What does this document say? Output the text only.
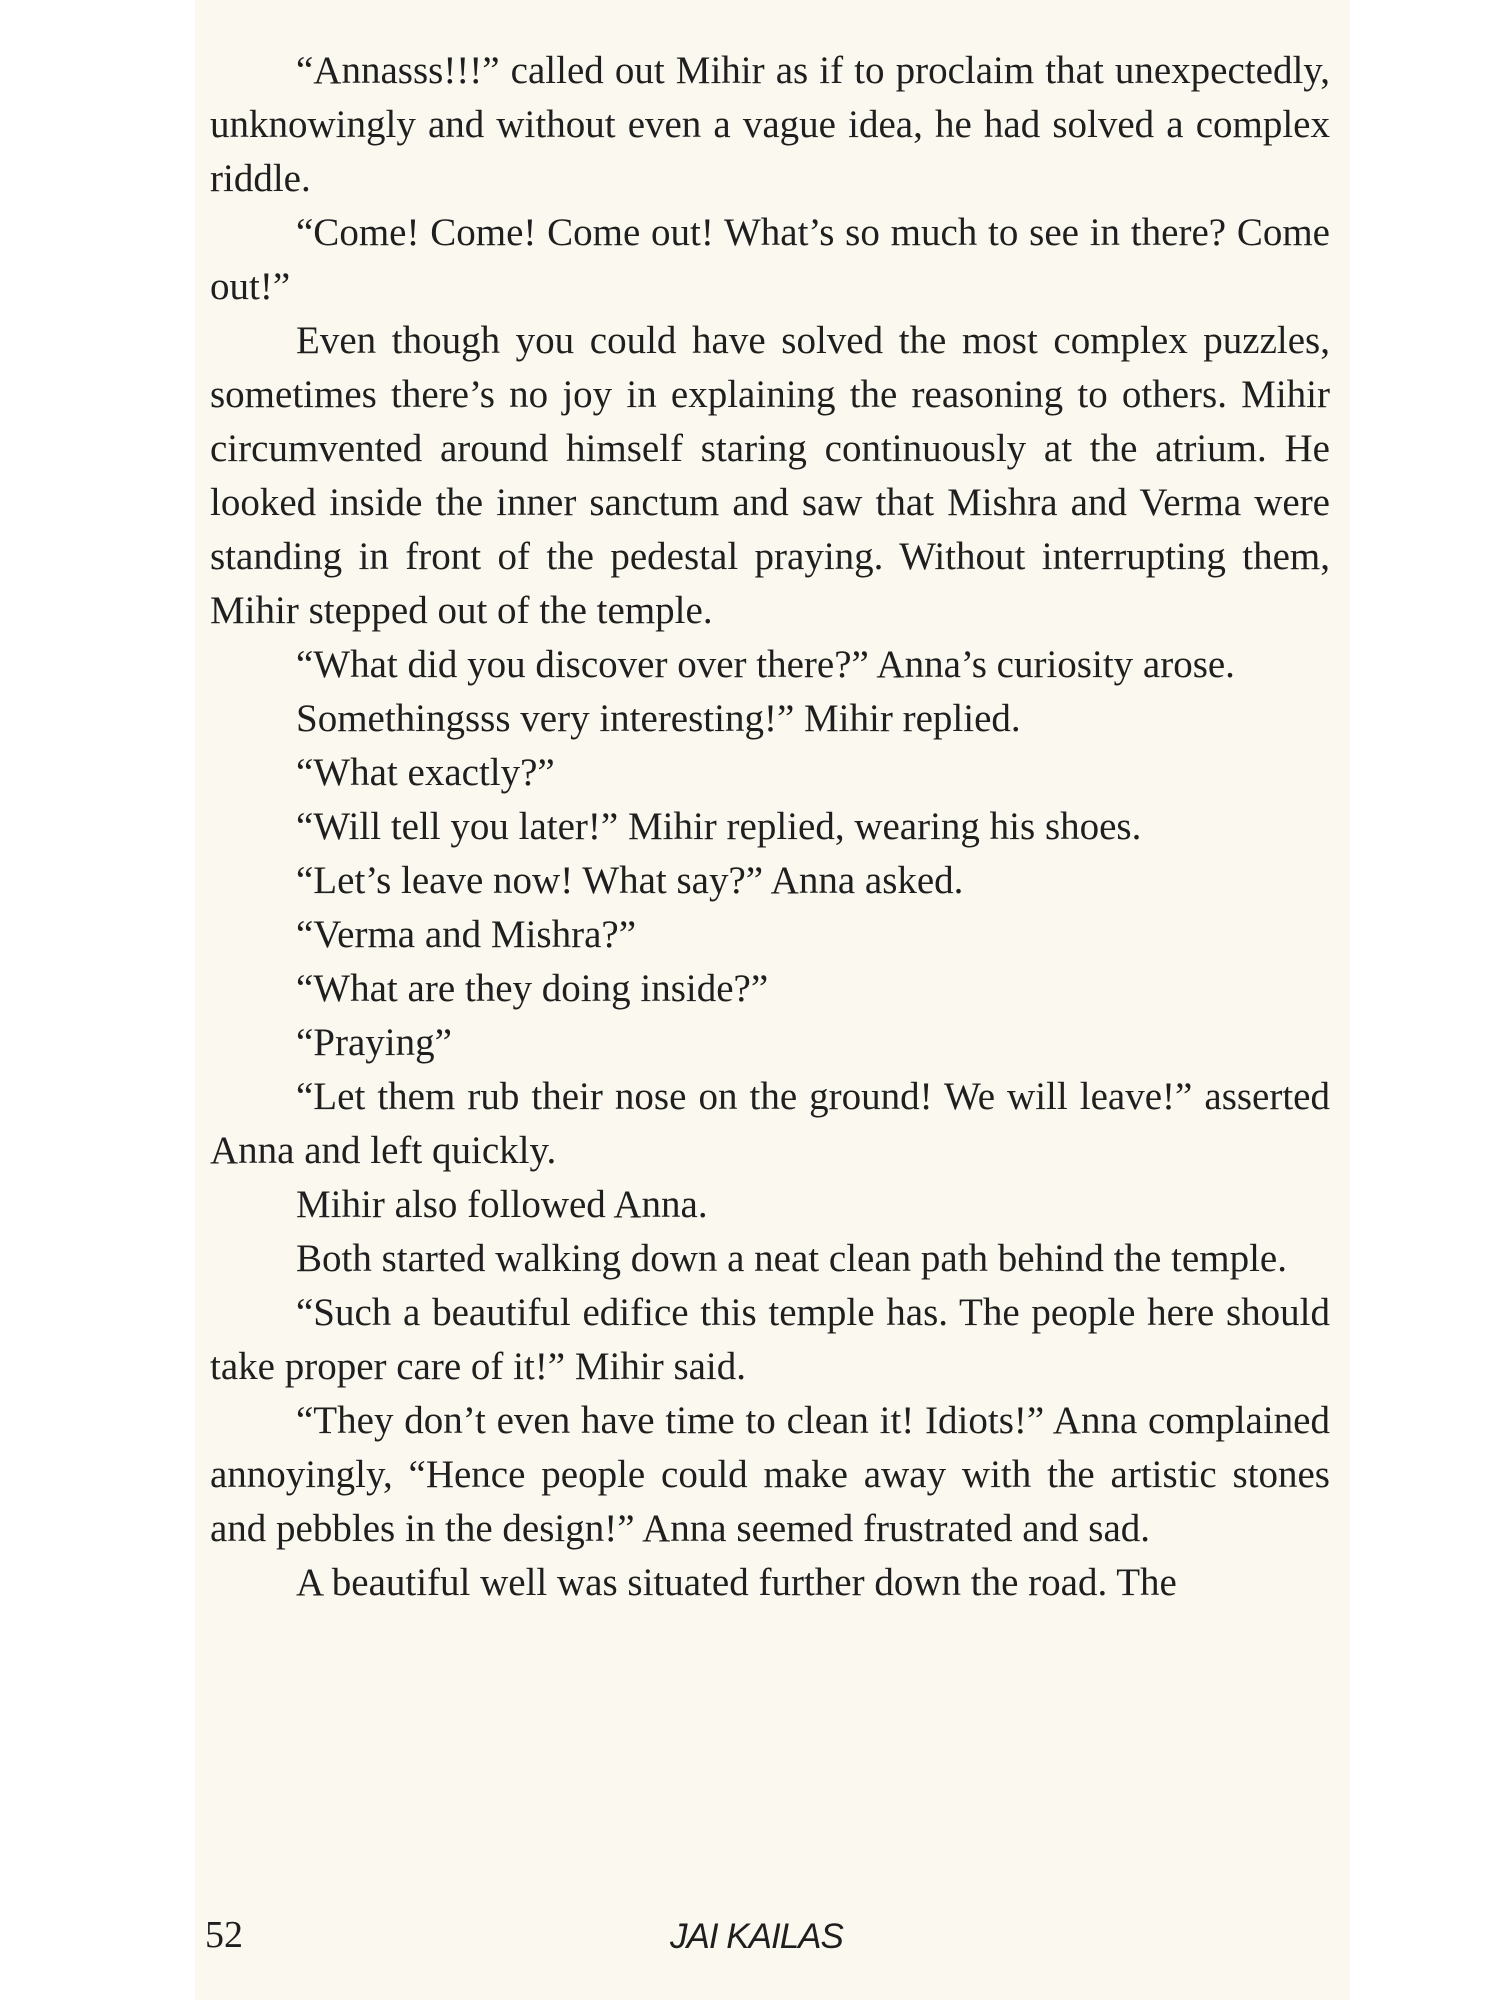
“Annasss!!!” called out Mihir as if to proclaim that unexpectedly, unknowingly and without even a vague idea, he had solved a complex riddle.

“Come! Come! Come out! What’s so much to see in there? Come out!”

Even though you could have solved the most complex puzzles, sometimes there’s no joy in explaining the reasoning to others. Mihir circumvented around himself staring continuously at the atrium. He looked inside the inner sanctum and saw that Mishra and Verma were standing in front of the pedestal praying. Without interrupting them, Mihir stepped out of the temple.

“What did you discover over there?” Anna’s curiosity arose.

Somethingsss very interesting!” Mihir replied.

“What exactly?”

“Will tell you later!” Mihir replied, wearing his shoes.

“Let’s leave now! What say?” Anna asked.

“Verma and Mishra?”

“What are they doing inside?”

“Praying”

“Let them rub their nose on the ground! We will leave!” asserted Anna and left quickly.

Mihir also followed Anna.

Both started walking down a neat clean path behind the temple.

“Such a beautiful edifice this temple has. The people here should take proper care of it!” Mihir said.

“They don’t even have time to clean it! Idiots!” Anna complained annoyingly, “Hence people could make away with the artistic stones and pebbles in the design!” Anna seemed frustrated and sad.

A beautiful well was situated further down the road. The

52	JAI KAILAS
